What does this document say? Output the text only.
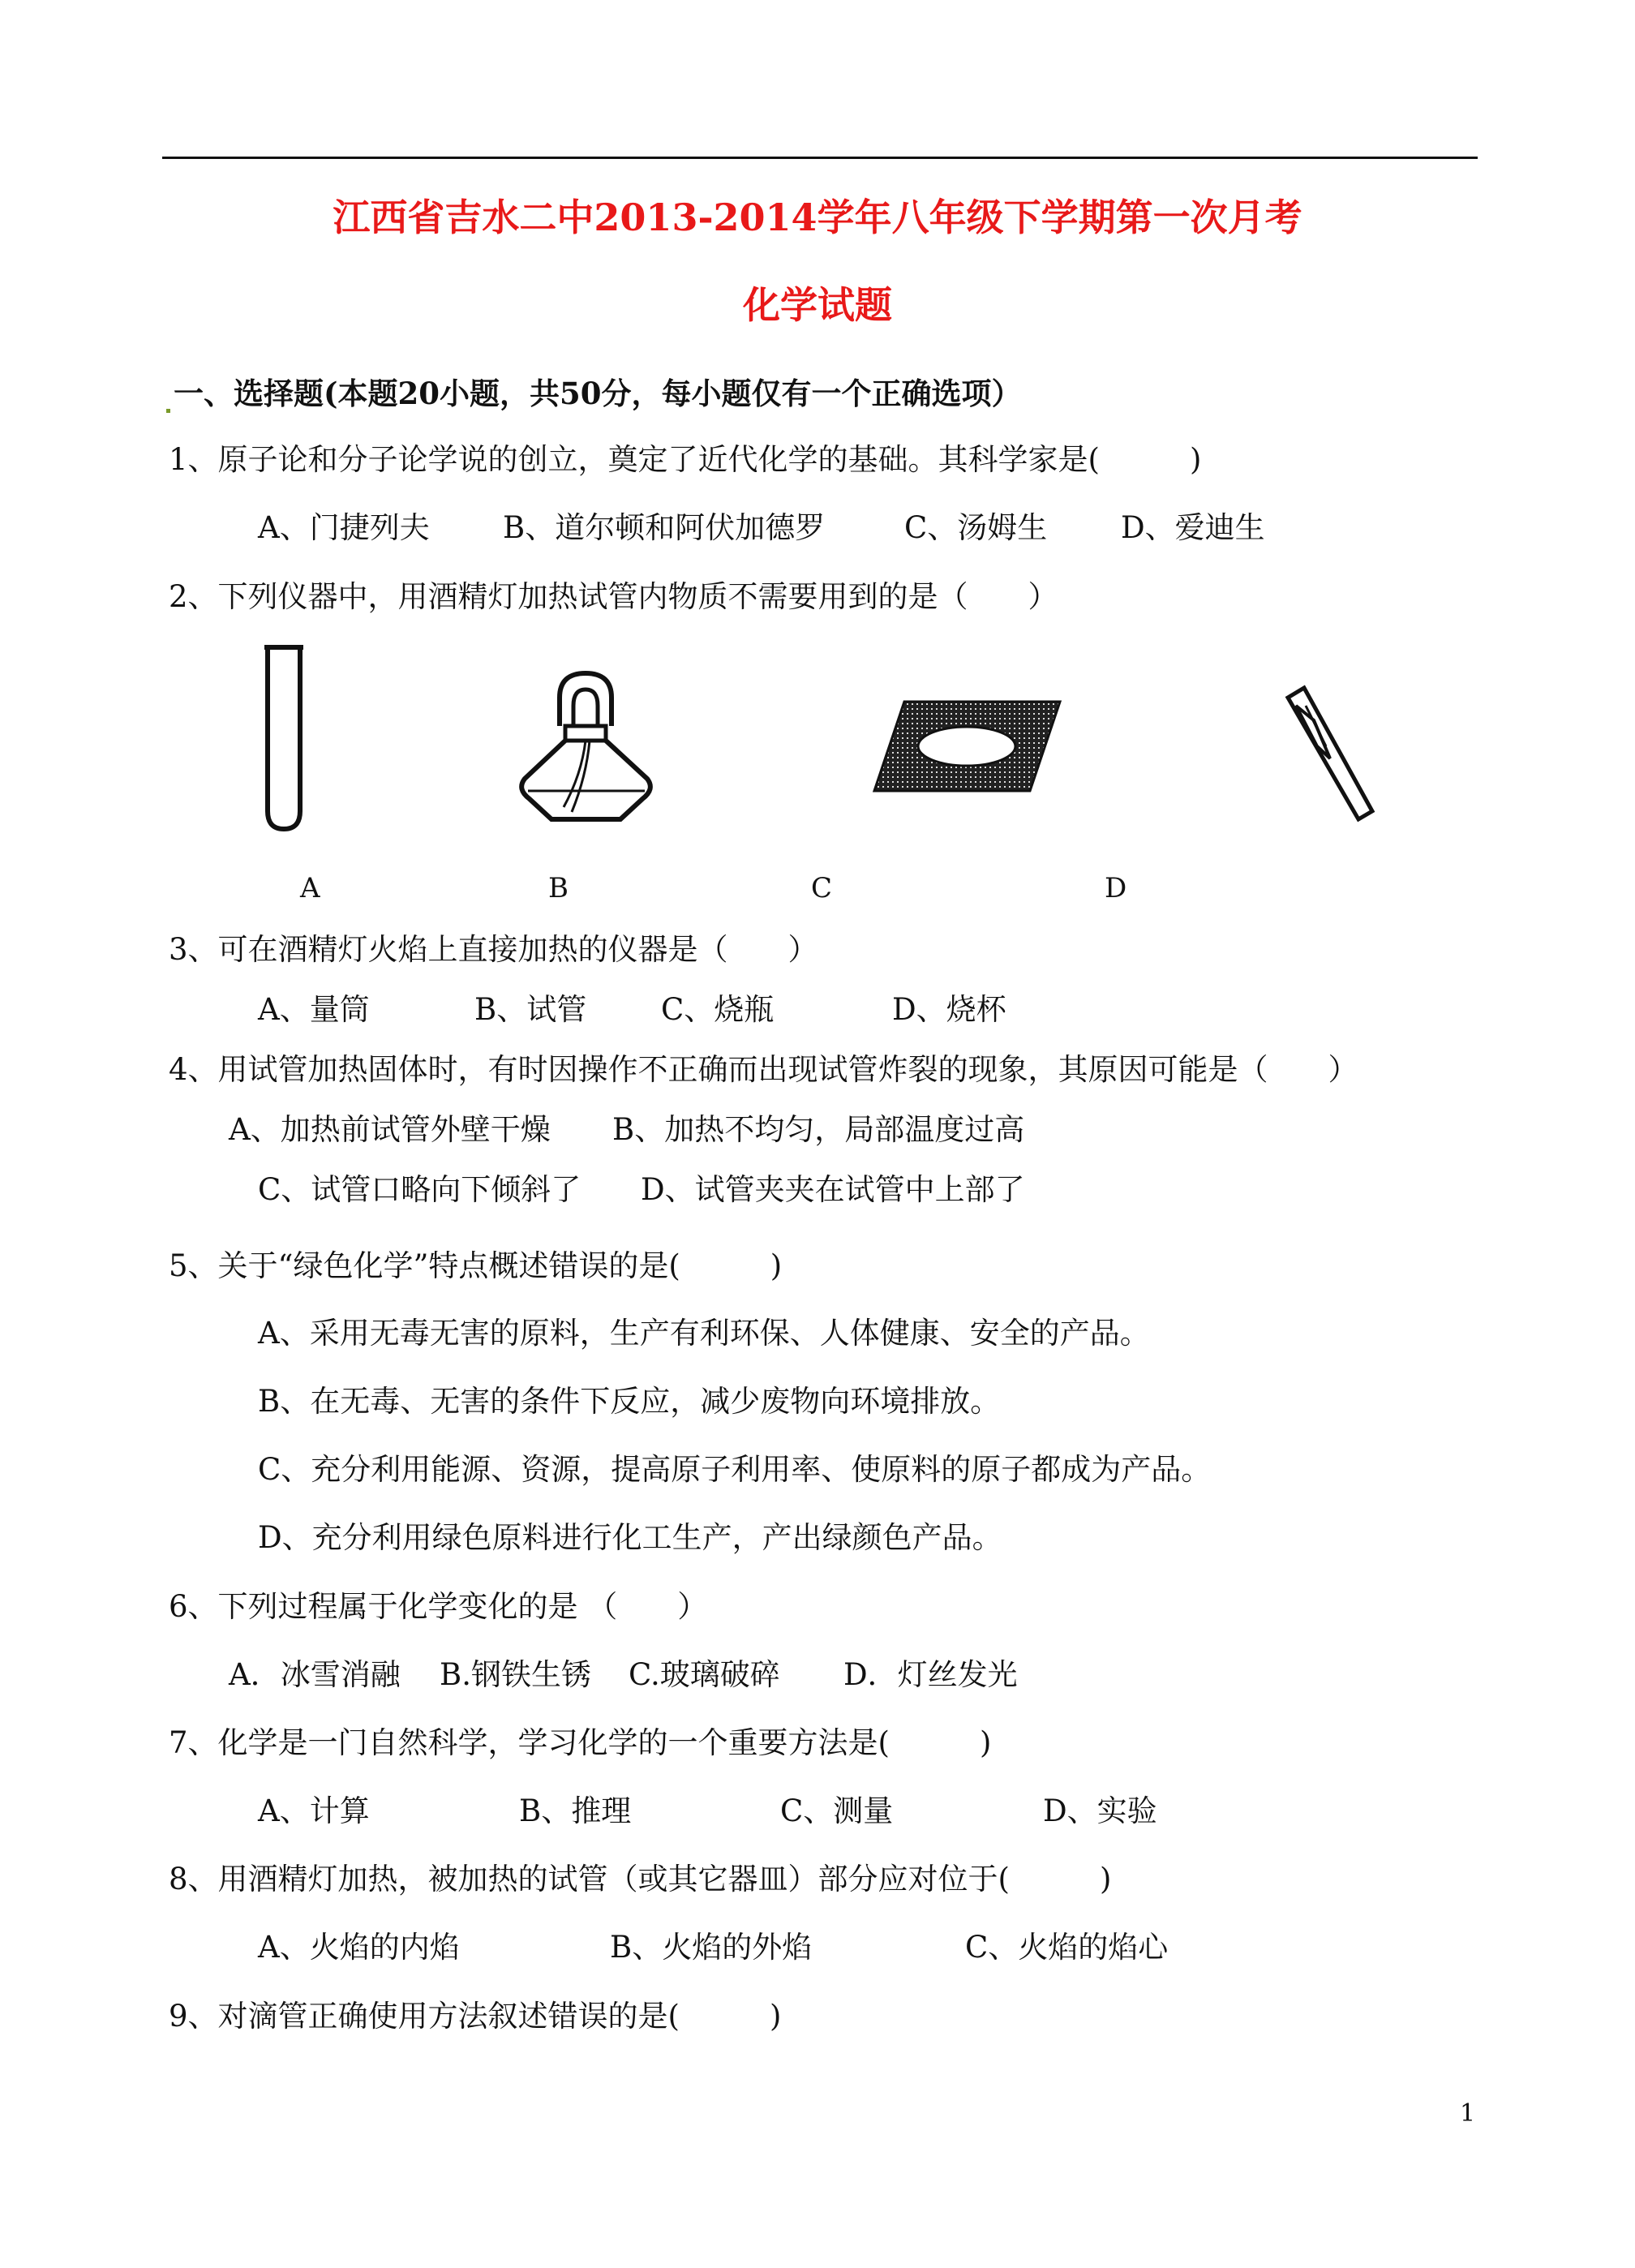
江西省吉水二中2013-2014学年八年级下学期第一次月考
化学试题
一、选择题(本题20小题，共50分，每小题仅有一个正确选项）
1、原子论和分子论学说的创立，奠定了近代化学的基础。其科学家是(　　　)
A、门捷列夫 B、道尔顿和阿伏加德罗	C、汤姆生 D、爱迪生
2、下列仪器中，用酒精灯加热试管内物质不需要用到的是（　　）
A	B	C	D
3、可在酒精灯火焰上直接加热的仪器是（　　）
A、量筒	B、试管 C、烧瓶	D、烧杯
4、用试管加热固体时，有时因操作不正确而出现试管炸裂的现象，其原因可能是（　　）
A、加热前试管外壁干燥 B、加热不均匀，局部温度过高
C、试管口略向下倾斜了 D、试管夹夹在试管中上部了
5、关于“绿色化学”特点概述错误的是(　　　)
A、采用无毒无害的原料，生产有利环保、人体健康、安全的产品。
B、在无毒、无害的条件下反应，减少废物向环境排放。
C、充分利用能源、资源，提高原子利用率、使原料的原子都成为产品。
D、充分利用绿色原料进行化工生产，产出绿颜色产品。
6、下列过程属于化学变化的是 （　　）
A．冰雪消融 B.钢铁生锈 C.玻璃破碎 D．灯丝发光
7、化学是一门自然科学，学习化学的一个重要方法是(　　　)
A、计算	B、推理	C、测量	D、实验
8、用酒精灯加热，被加热的试管（或其它器皿）部分应对位于(　　　)
A、火焰的内焰	B、火焰的外焰	C、火焰的焰心
9、对滴管正确使用方法叙述错误的是(　　　)
1
